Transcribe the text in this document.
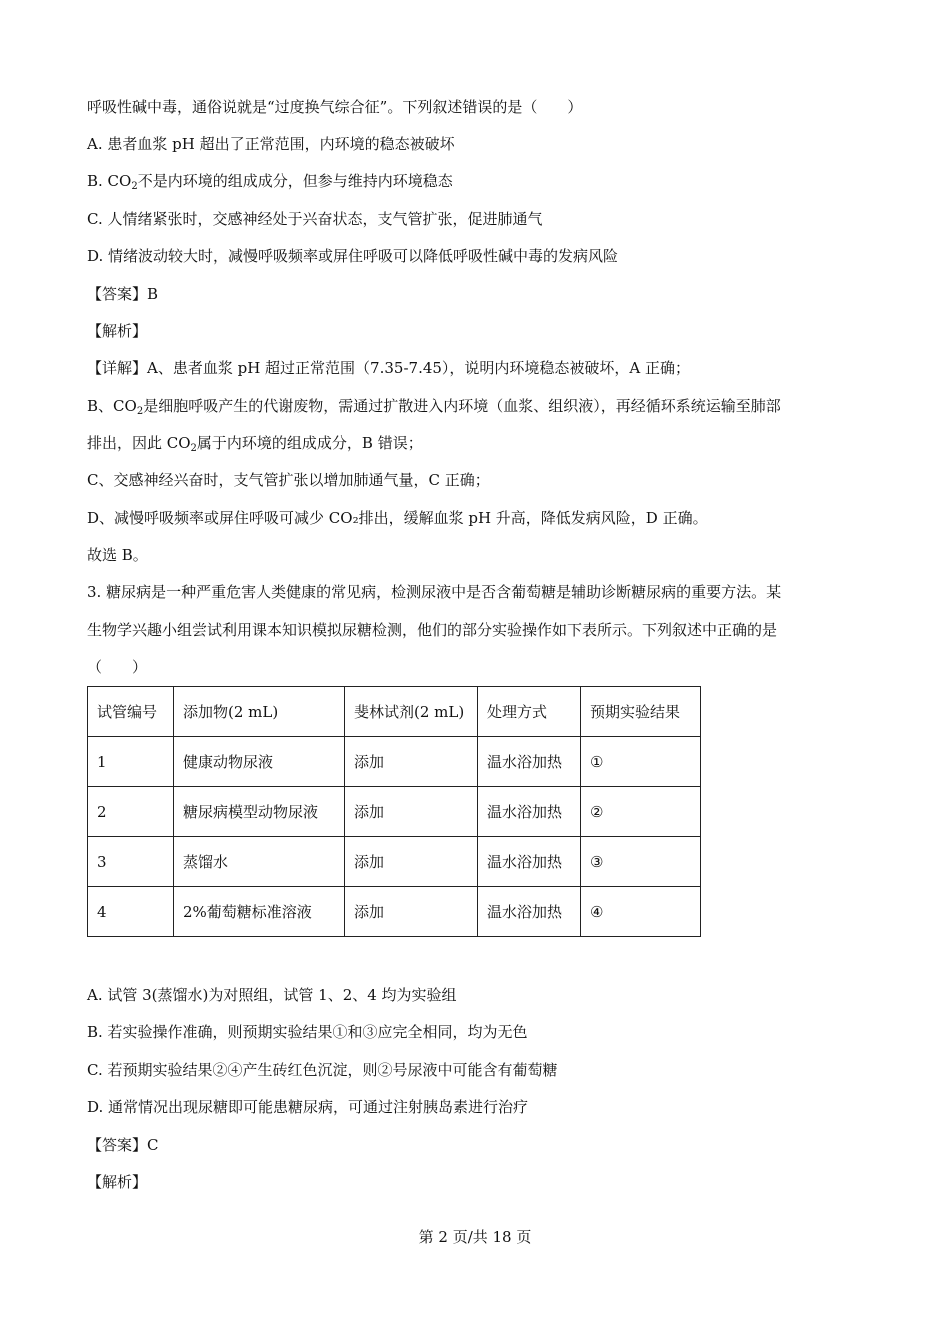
呼吸性碱中毒，通俗说就是“过度换气综合征”。下列叙述错误的是（　　）
A. 患者血浆 pH 超出了正常范围，内环境的稳态被破坏
B. $CO_2$不是内环境的组成成分，但参与维持内环境稳态
C. 人情绪紧张时，交感神经处于兴奋状态，支气管扩张，促进肺通气
D. 情绪波动较大时，减慢呼吸频率或屏住呼吸可以降低呼吸性碱中毒的发病风险
【答案】B
【解析】
【详解】A、患者血浆 pH 超过正常范围（7.35-7.45），说明内环境稳态被破坏，A 正确；
B、$CO_2$是细胞呼吸产生的代谢废物，需通过扩散进入内环境（血浆、组织液），再经循环系统运输至肺部
排出，因此 $CO_2$属于内环境的组成成分，B 错误；
C、交感神经兴奋时，支气管扩张以增加肺通气量，C 正确；
D、减慢呼吸频率或屏住呼吸可减少 CO₂排出，缓解血浆 pH 升高，降低发病风险，D 正确。
故选 B。
3. 糖尿病是一种严重危害人类健康的常见病，检测尿液中是否含葡萄糖是辅助诊断糖尿病的重要方法。某
生物学兴趣小组尝试利用课本知识模拟尿糖检测，他们的部分实验操作如下表所示。下列叙述中正确的是
（　　）
试管编号	添加物(2 mL)	斐林试剂(2 mL)	处理方式	预期实验结果
1	健康动物尿液	添加	温水浴加热	①
2	糖尿病模型动物尿液	添加	温水浴加热	②
3	蒸馏水	添加	温水浴加热	③
4	2%葡萄糖标准溶液	添加	温水浴加热	④
A. 试管 3(蒸馏水)为对照组，试管 1、2、4 均为实验组
B. 若实验操作准确，则预期实验结果①和③应完全相同，均为无色
C. 若预期实验结果②④产生砖红色沉淀，则②号尿液中可能含有葡萄糖
D. 通常情况出现尿糖即可能患糖尿病，可通过注射胰岛素进行治疗
【答案】C
【解析】
第 2 页/共 18 页
